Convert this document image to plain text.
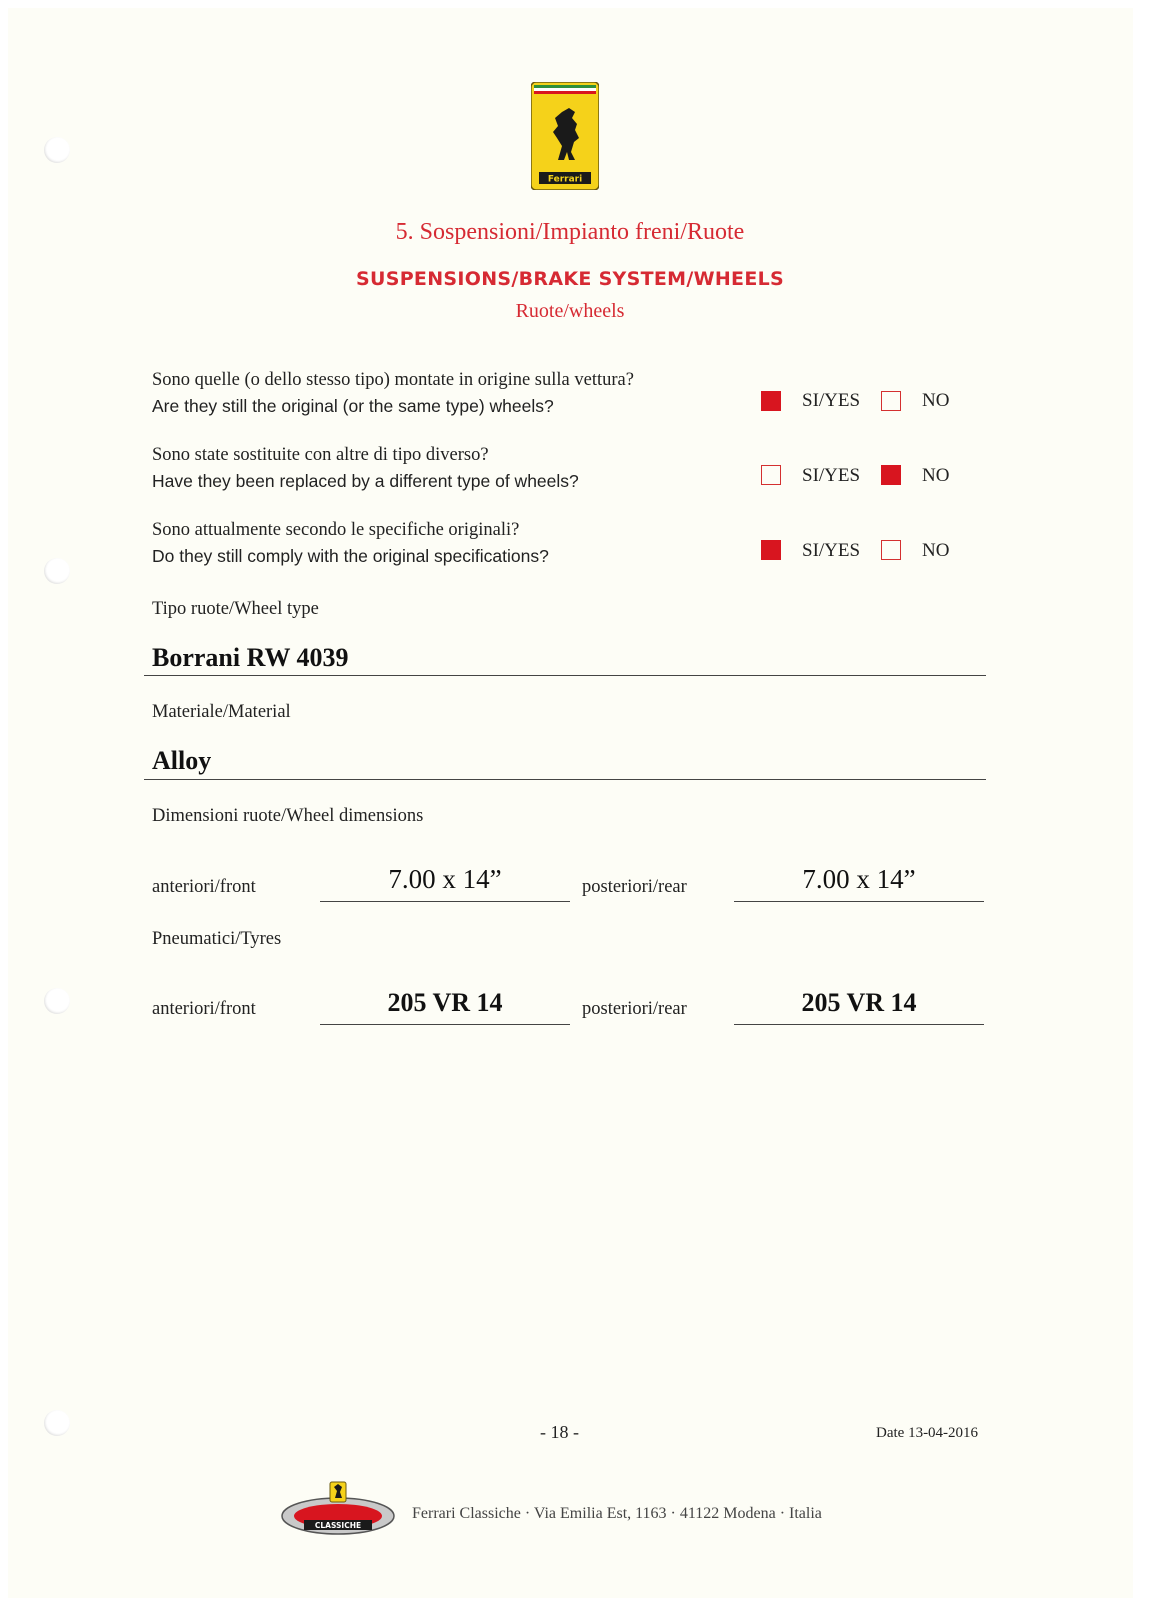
Ferrari
5. Sospensioni/Impianto freni/Ruote
SUSPENSIONS/BRAKE SYSTEM/WHEELS
Ruote/wheels
Sono quelle (o dello stesso tipo) montate in origine sulla vettura?
Are they still the original (or the same type) wheels?	SI/YES	NO
Sono state sostituite con altre di tipo diverso?
Have they been replaced by a different type of wheels?	SI/YES	NO
Sono attualmente secondo le specifiche originali?
Do they still comply with the original specifications?	SI/YES	NO
Tipo ruote/Wheel type
Borrani RW 4039
Materiale/Material
Alloy
Dimensioni ruote/Wheel dimensions
anteriori/front	7.00 x 14”	posteriori/rear	7.00 x 14”
Pneumatici/Tyres
anteriori/front	205 VR 14	posteriori/rear	205 VR 14
- 18 -	Date 13-04-2016
CLASSICHE
Ferrari Classiche · Via Emilia Est, 1163 · 41122 Modena · Italia
